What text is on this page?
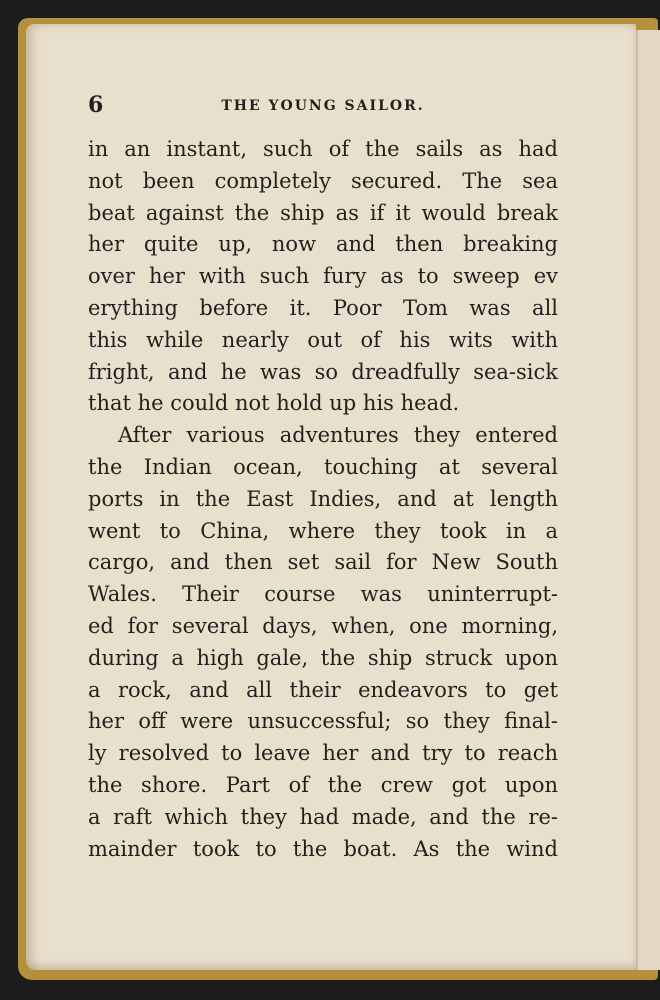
6	THE YOUNG SAILOR.
in an instant, such of the sails as had
not been completely secured. The sea
beat against the ship as if it would break
her quite up, now and then breaking
over her with such fury as to sweep ev
erything before it. Poor Tom was all
this while nearly out of his wits with
fright, and he was so dreadfully sea-sick
that he could not hold up his head.
After various adventures they entered
the Indian ocean, touching at several
ports in the East Indies, and at length
went to China, where they took in a
cargo, and then set sail for New South
Wales. Their course was uninterrupt-
ed for several days, when, one morning,
during a high gale, the ship struck upon
a rock, and all their endeavors to get
her off were unsuccessful; so they final-
ly resolved to leave her and try to reach
the shore. Part of the crew got upon
a raft which they had made, and the re-
mainder took to the boat. As the wind
